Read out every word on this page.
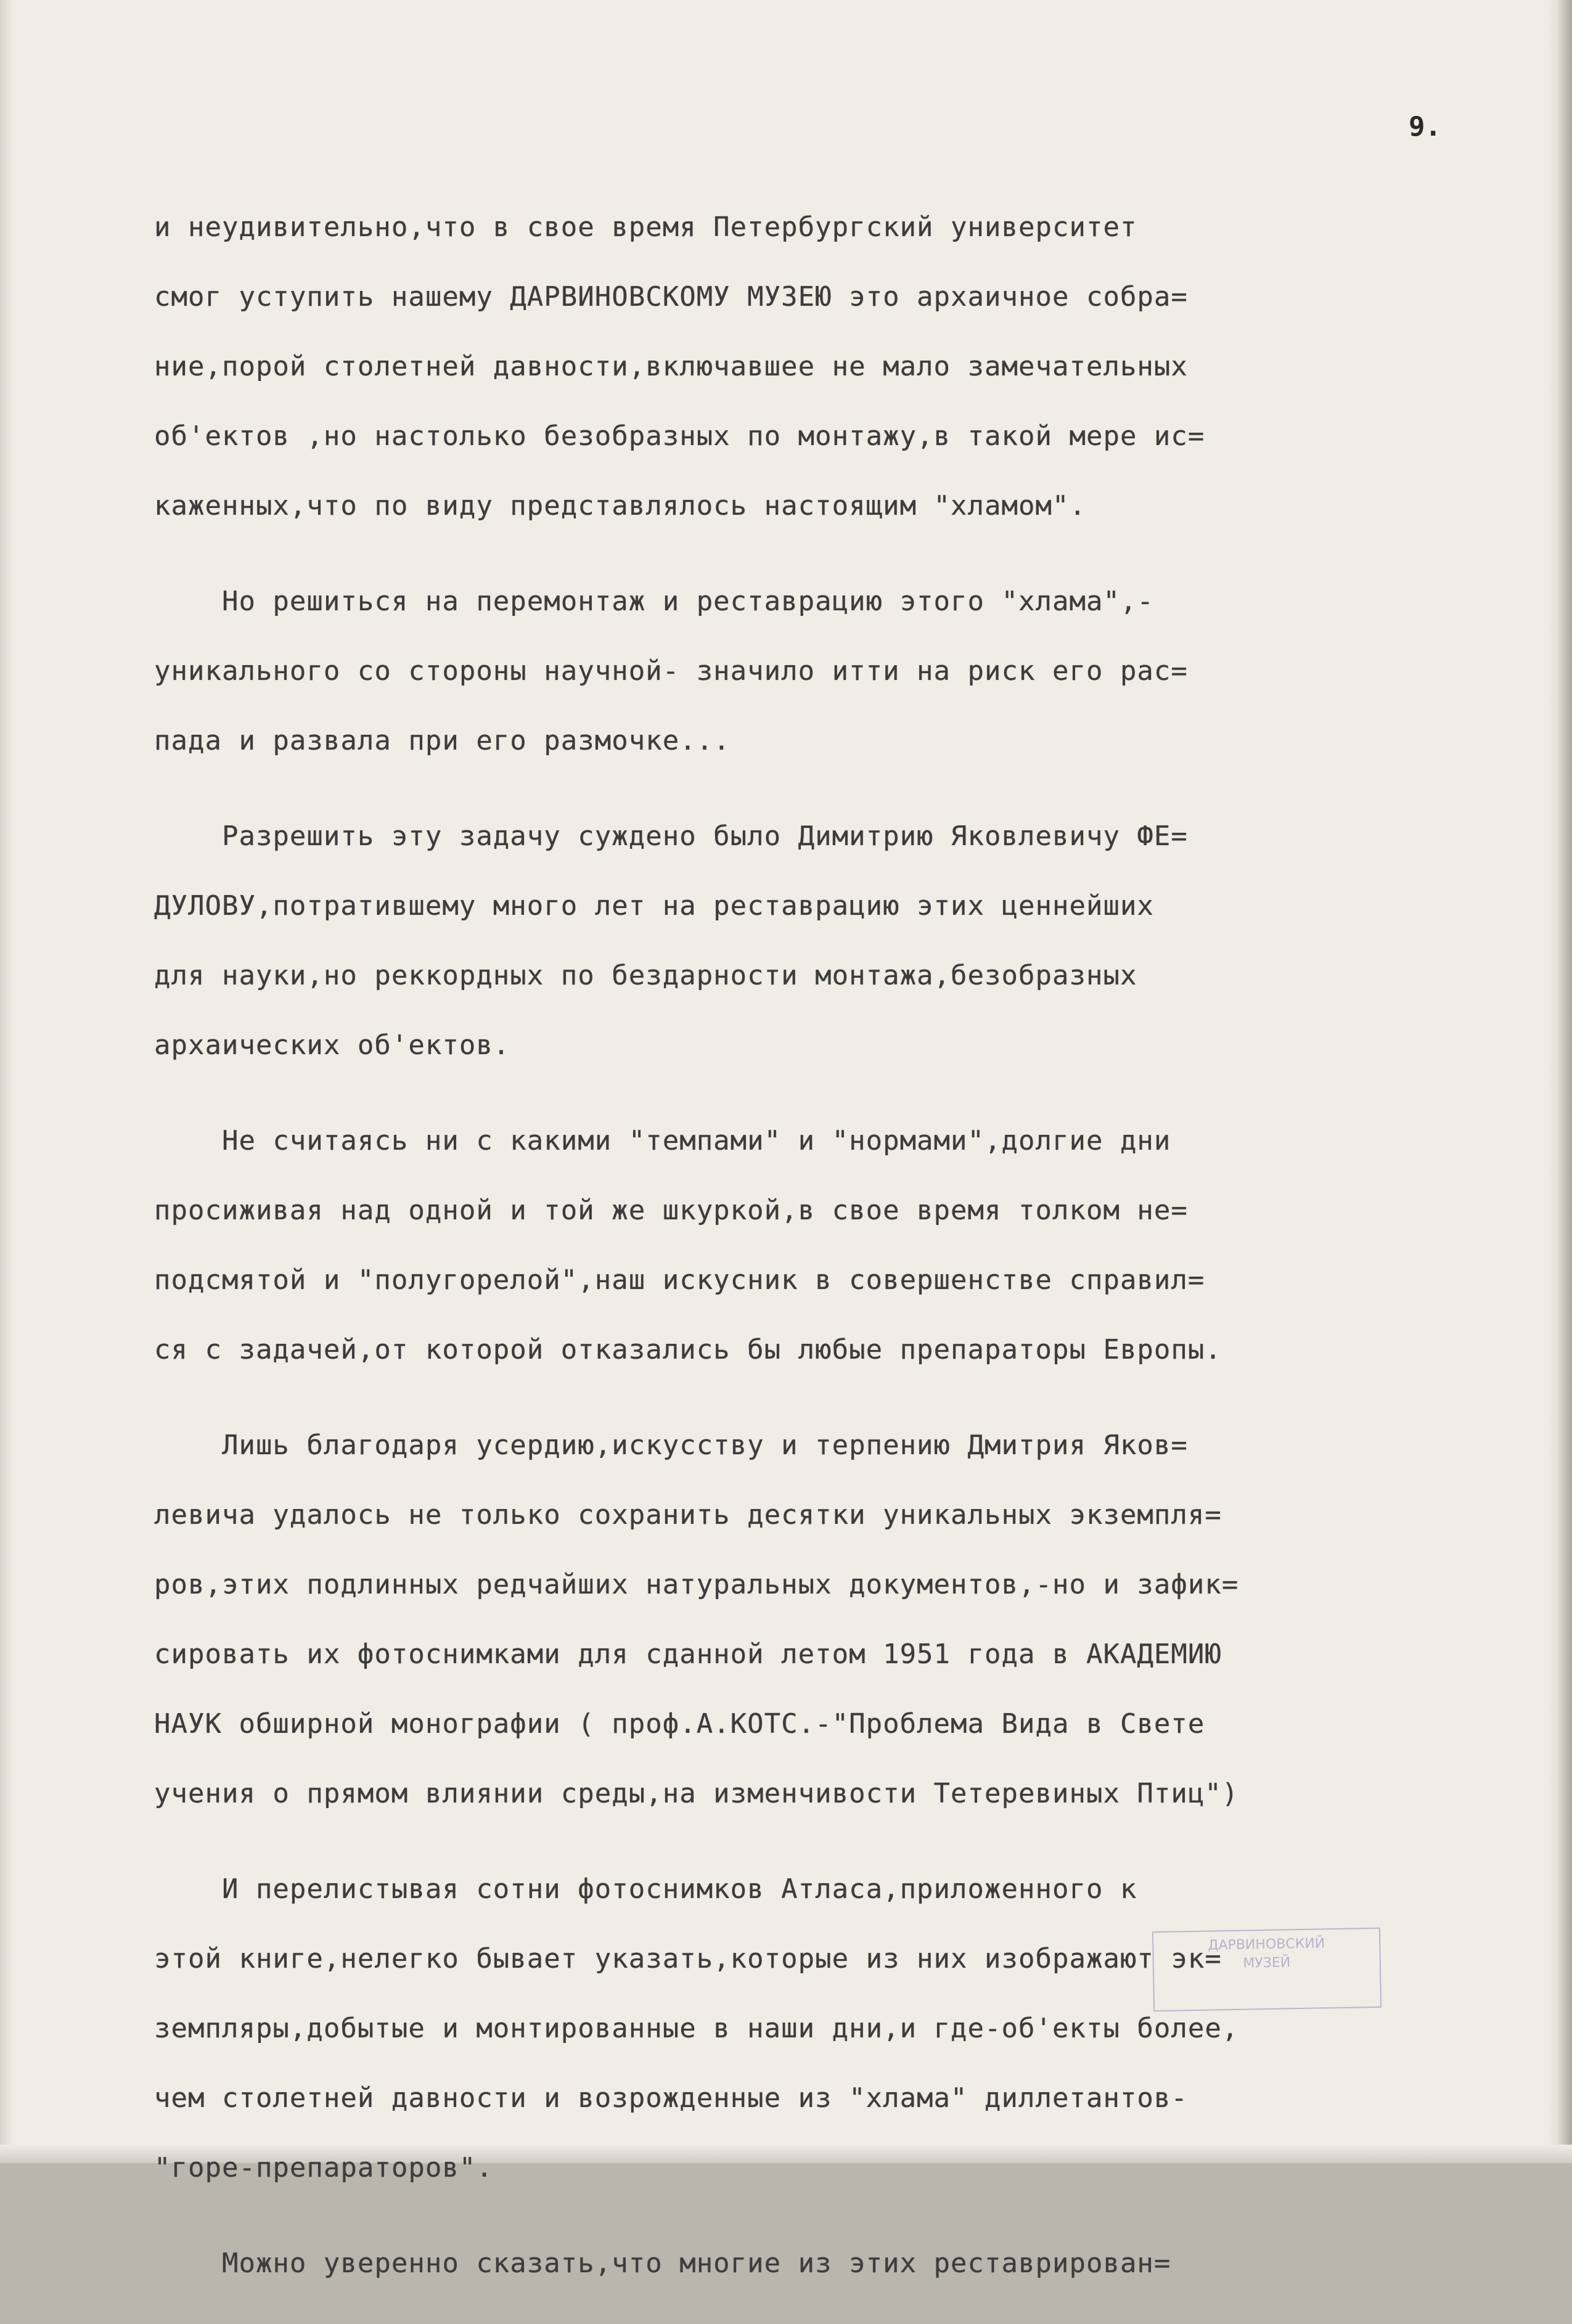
9.

и неудивительно,что в свое время Петербургский университет
смог уступить нашему ДАРВИНОВСКОМУ МУЗЕЮ это архаичное собра=
ние,порой столетней давности,включавшее не мало замечательных
об'ектов ,но настолько безобразных по монтажу,в такой мере ис=
каженных,что по виду представлялось настоящим "хламом".

Но решиться на перемонтаж и реставрацию этого "хлама",-
уникального со стороны научной- значило итти на риск его рас=
пада и развала при его размочке...

Разрешить эту задачу суждено было Димитрию Яковлевичу ФЕ=
ДУЛОВУ,потратившему много лет на реставрацию этих ценнейших
для науки,но реккордных по бездарности монтажа,безобразных
архаических об'ектов.

Не считаясь ни с какими "темпами" и "нормами",долгие дни
просиживая над одной и той же шкуркой,в свое время толком не=
подсмятой и "полугорелой",наш искусник в совершенстве справил=
ся с задачей,от которой отказались бы любые препараторы Европы.

Лишь благодаря усердию,искусству и терпению Дмитрия Яков=
левича удалось не только сохранить десятки уникальных экземпля=
ров,этих подлинных редчайших натуральных документов,-но и зафик=
сировать их фотоснимками для сданной летом 1951 года в АКАДЕМИЮ
НАУК обширной монографии ( проф.А.КОТС.-"Проблема Вида в Свете
учения о прямом влиянии среды,на изменчивости Тетеревиных Птиц")

И перелистывая сотни фотоснимков Атласа,приложенного к
этой книге,нелегко бывает указать,которые из них изображают эк=
земпляры,добытые и монтированные в наши дни,и где-об'екты более,
чем столетней давности и возрожденные из "хлама" диллетантов-
"горе-препараторов".

Можно уверенно сказать,что многие из этих реставрирован=

ДАРВИНОВСКИЙ
МУЗЕЙ
